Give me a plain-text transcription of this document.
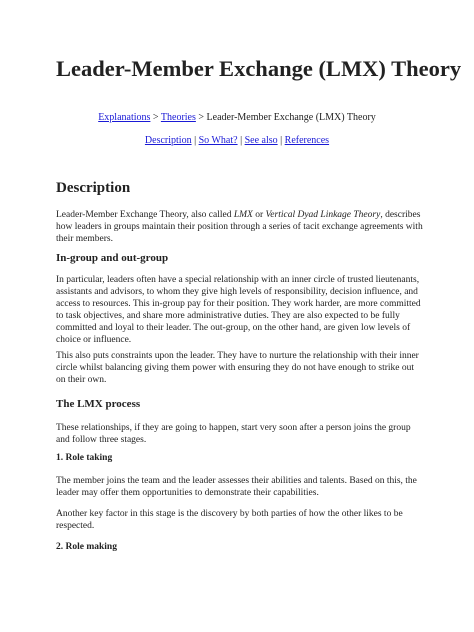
Leader-Member Exchange (LMX) Theory

Explanations > Theories > Leader-Member Exchange (LMX) Theory

Description | So What? | See also | References

Description

Leader-Member Exchange Theory, also called LMX or Vertical Dyad Linkage Theory, describes how leaders in groups maintain their position through a series of tacit exchange agreements with their members.

In-group and out-group

In particular, leaders often have a special relationship with an inner circle of trusted lieutenants, assistants and advisors, to whom they give high levels of responsibility, decision influence, and access to resources. This in-group pay for their position. They work harder, are more committed to task objectives, and share more administrative duties. They are also expected to be fully committed and loyal to their leader. The out-group, on the other hand, are given low levels of choice or influence.

This also puts constraints upon the leader. They have to nurture the relationship with their inner circle whilst balancing giving them power with ensuring they do not have enough to strike out on their own.

The LMX process

These relationships, if they are going to happen, start very soon after a person joins the group and follow three stages.

1. Role taking

The member joins the team and the leader assesses their abilities and talents. Based on this, the leader may offer them opportunities to demonstrate their capabilities.

Another key factor in this stage is the discovery by both parties of how the other likes to be respected.

2. Role making
